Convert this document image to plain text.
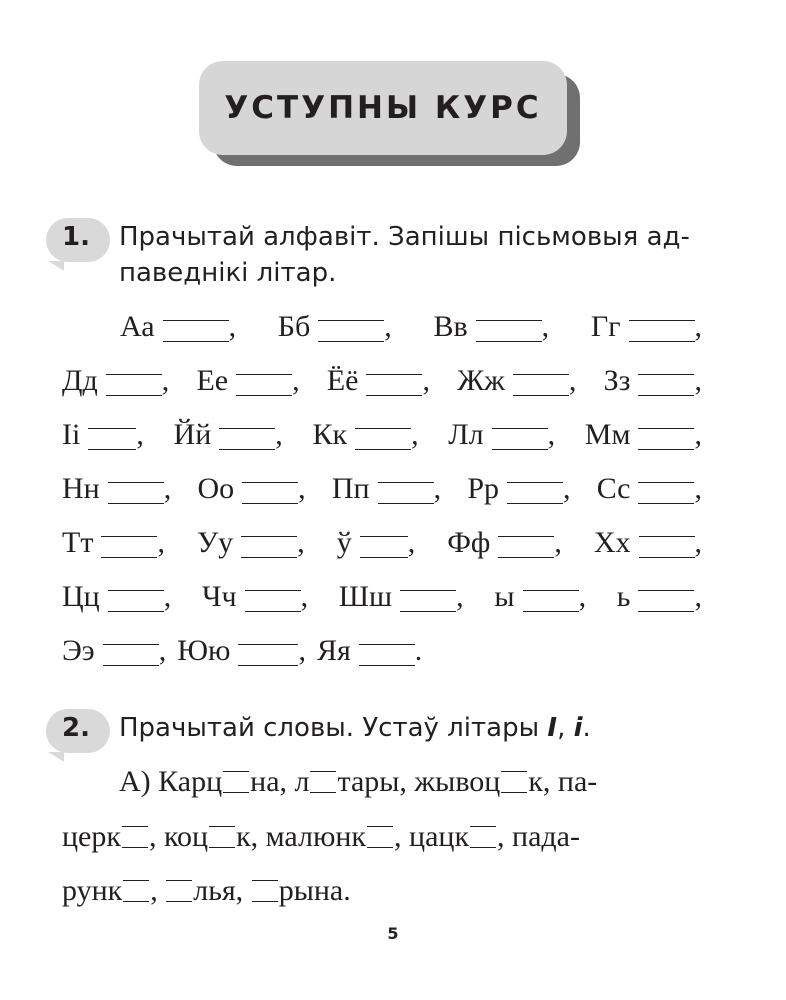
УСТУПНЫ КУРС
1. Прачытай алфавіт. Запішы пісьмовыя ад-
паведнікі літар.
Аа , Бб , Вв , Гг ,
Дд , Ее , Ёё , Жж , Зз ,
Іі , Йй , Кк , Лл , Мм ,
Нн , Оо , Пп , Рр , Сс ,
Тт , Уу , ў , Фф , Хх ,
Цц , Чч , Шш , ы , ь ,
Ээ , Юю , Яя .
2. Прачытай словы. Устаў літары І, і.
А) Карц на, л тары, жывоц к, па-
церк , коц к, малюнк , цацк , пада-
рунк , лья, рына.
5
